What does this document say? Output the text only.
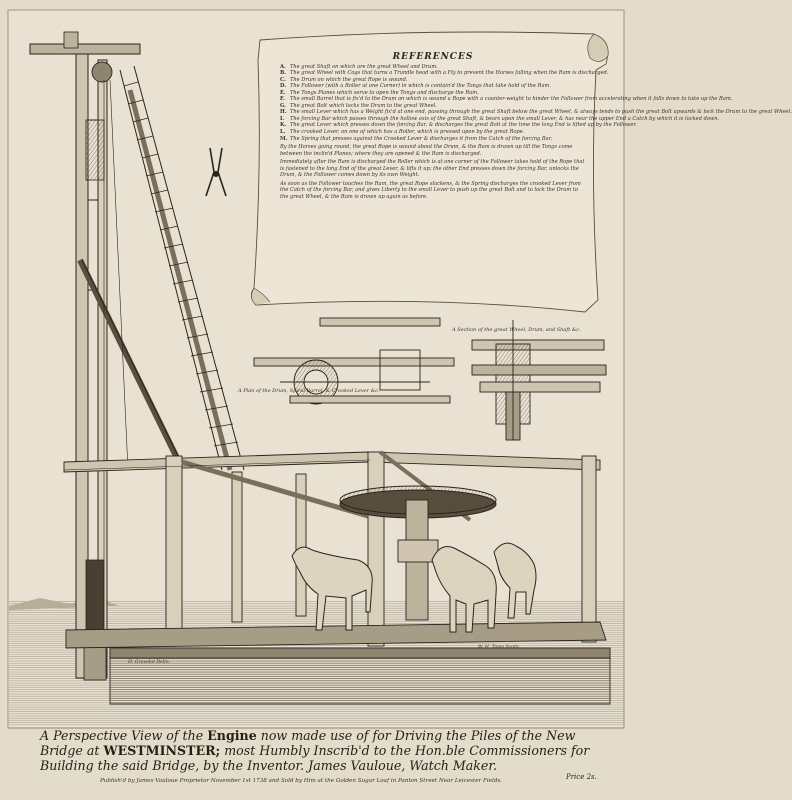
REFERENCES
A. The great Shaft on which are the great Wheel and Drum.
B. The great Wheel with Cogs that turns a Trundle head with a Fly to prevent the Horses falling when the Ram is discharged.
C. The Drum on which the great Rope is wound.
D. The Follower (with a Roller at one Corner) in which is contain'd the Tongs that take hold of the Ram.
E. The Tongs Planes which serve to open the Tongs and discharge the Ram.
F.	The small Barrel that is fix'd to the Drum on which is wound a Rope with a counter-weight to hinder the Follower from accelerating when it falls down to take up the Ram.
G. The great Bolt which locks the Drum to the great Wheel.
H. The small Lever which has a Weight fix'd at one end, passing through the great Shaft below the great Wheel, & always tends to push the great Bolt upwards & lock the Drum to the great Wheel.
I.	The forcing Bar which passes through the hollow axis of the great Shaft, & bears upon the small Lever, & has near the upper End a Catch by which it is locked down.
K. The great Lever which presses down the forcing Bar, & discharges the great Bolt at the time the long End is lifted up by the Follower.
L. The crooked Lever, on one of which has a Roller, which is pressed upon by the great Rope.
M. The Spring that presses against the Crooked Lever & discharges it from the Catch of the forcing Bar.
By the Horses going round, the great Rope is wound about the Drum, & the Ram is drawn up till the Tongs come between the inclin'd Planes; where they are opened & the Ram is discharged.
Immediately after the Ram is discharged the Roller which is at one corner of the Follower takes hold of the Rope that is fastened to the long End of the great Lever, & lifts it up; the other End presses down the forcing Bar, unlocks the Drum, & the Follower comes down by its own Weight.
As soon as the Follower touches the Ram, the great Rope slackens, & the Spring discharges the crooked Lever from the Catch of the forcing Bar, and gives Liberty to the small Lever to push up the great Bolt and to lock the Drum to the great Wheel, & the Ram is drawn up again as before.
A Section of the great Wheel, Drum, and Shaft &c.
A Plan of the Drum, Spiral Barrel, & Crooked Lever &c.
H. Gravelot Delin.
W. H. Toms Sculp.
A Perspective View of the Engine now made use of for Driving the Piles of the New Bridge at WESTMINSTER; most Humbly Inscrib'd to the Hon.ble Commissioners for Building the said Bridge, by the Inventor. James Vauloue, Watch Maker.
Publish'd by James Vauloue Proprietor November 1st 1738 and Sold by Him at the Golden Sugar Loaf in Panton Street Near Leicester Fields.	Price 2s.
